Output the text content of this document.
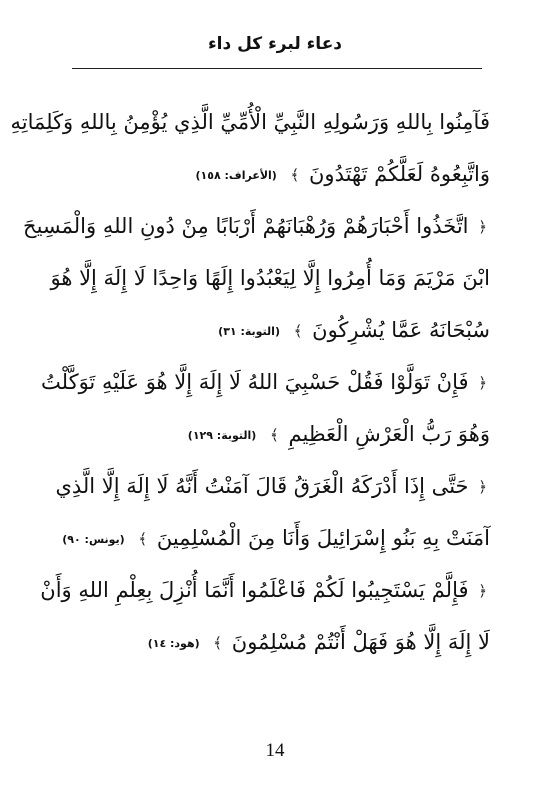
دعاء لبرء كل داء
فَآمِنُوا بِاللهِ وَرَسُولِهِ النَّبِيِّ الْأُمِّيِّ الَّذِي يُؤْمِنُ بِاللهِ وَكَلِمَاتِهِ
وَاتَّبِعُوهُ لَعَلَّكُمْ تَهْتَدُونَ ﴾ (الأعراف: ١٥٨)
﴿ اتَّخَذُوا أَحْبَارَهُمْ وَرُهْبَانَهُمْ أَرْبَابًا مِنْ دُونِ اللهِ وَالْمَسِيحَ
ابْنَ مَرْيَمَ وَمَا أُمِرُوا إِلَّا لِيَعْبُدُوا إِلَهًا وَاحِدًا لَا إِلَهَ إِلَّا هُوَ
سُبْحَانَهُ عَمَّا يُشْرِكُونَ ﴾ (التوبة: ٣١)
﴿ فَإِنْ تَوَلَّوْا فَقُلْ حَسْبِيَ اللهُ لَا إِلَهَ إِلَّا هُوَ عَلَيْهِ تَوَكَّلْتُ
وَهُوَ رَبُّ الْعَرْشِ الْعَظِيمِ ﴾ (التوبة: ١٢٩)
﴿ حَتَّى إِذَا أَدْرَكَهُ الْغَرَقُ قَالَ آمَنْتُ أَنَّهُ لَا إِلَهَ إِلَّا الَّذِي
آمَنَتْ بِهِ بَنُو إِسْرَائِيلَ وَأَنَا مِنَ الْمُسْلِمِينَ ﴾ (يونس: ٩٠)
﴿ فَإِلَّمْ يَسْتَجِيبُوا لَكُمْ فَاعْلَمُوا أَنَّمَا أُنْزِلَ بِعِلْمِ اللهِ وَأَنْ
لَا إِلَهَ إِلَّا هُوَ فَهَلْ أَنْتُمْ مُسْلِمُونَ ﴾ (هود: ١٤)
14
